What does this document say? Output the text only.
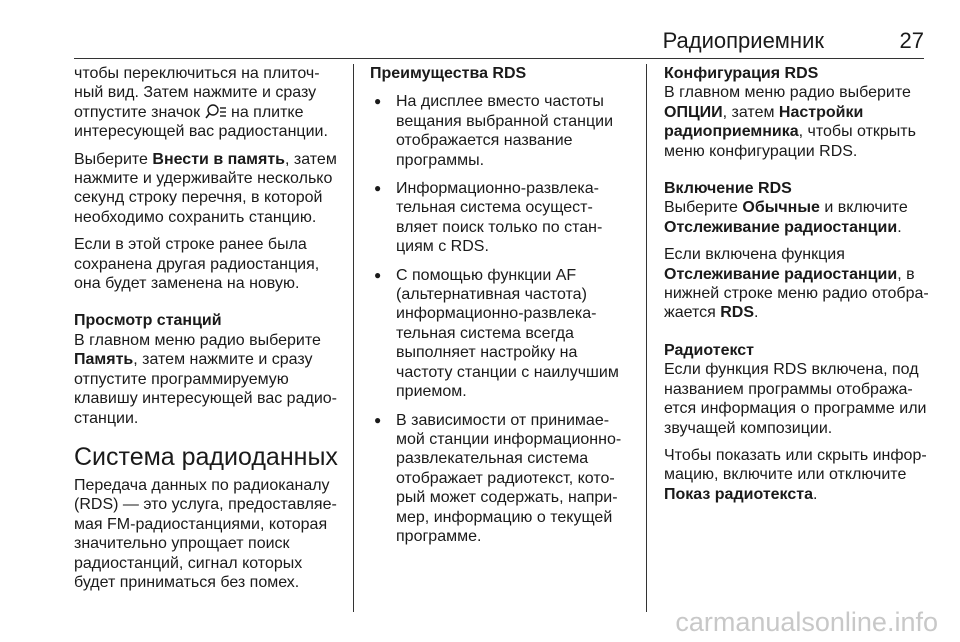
Радиоприемник	27

чтобы переключиться на плиточ-ный вид. Затем нажмите и сразу отпустите значок на плитке интересующей вас радиостанции.

Выберите Внести в память, затем нажмите и удерживайте несколько секунд строку перечня, в которой необходимо сохранить станцию.

Если в этой строке ранее была сохранена другая радиостанция, она будет заменена на новую.

Просмотр станций

В главном меню радио выберите Память, затем нажмите и сразу отпустите программируемую клавишу интересующей вас радио-станции.

Система радиоданных

Передача данных по радиоканалу (RDS) — это услуга, предоставляе-мая FM-радиостанциями, которая значительно упрощает поиск радиостанций, сигнал которых будет приниматься без помех.

Преимущества RDS
● На дисплее вместо частоты вещания выбранной станции отображается название программы.
● Информационно-развлека-тельная система осущест-вляет поиск только по стан-циям с RDS.
● С помощью функции AF (альтернативная частота) информационно-развлека-тельная система всегда выполняет настройку на частоту станции с наилучшим приемом.
● В зависимости от принимае-мой станции информационно-развлекательная система отображает радиотекст, кото-рый может содержать, напри-мер, информацию о текущей программе.
Конфигурация RDS

В главном меню радио выберите ОПЦИИ, затем Настройки радиоприемника, чтобы открыть меню конфигурации RDS.

Включение RDS

Выберите Обычные и включите Отслеживание радиостанции.

Если включена функция Отслеживание радиостанции, в нижней строке меню радио отобра-жается RDS.

Радиотекст

Если функция RDS включена, под названием программы отобража-ется информация о программе или звучащей композиции.

Чтобы показать или скрыть инфор-мацию, включите или отключите Показ радиотекста.

carmanualsonline.info
